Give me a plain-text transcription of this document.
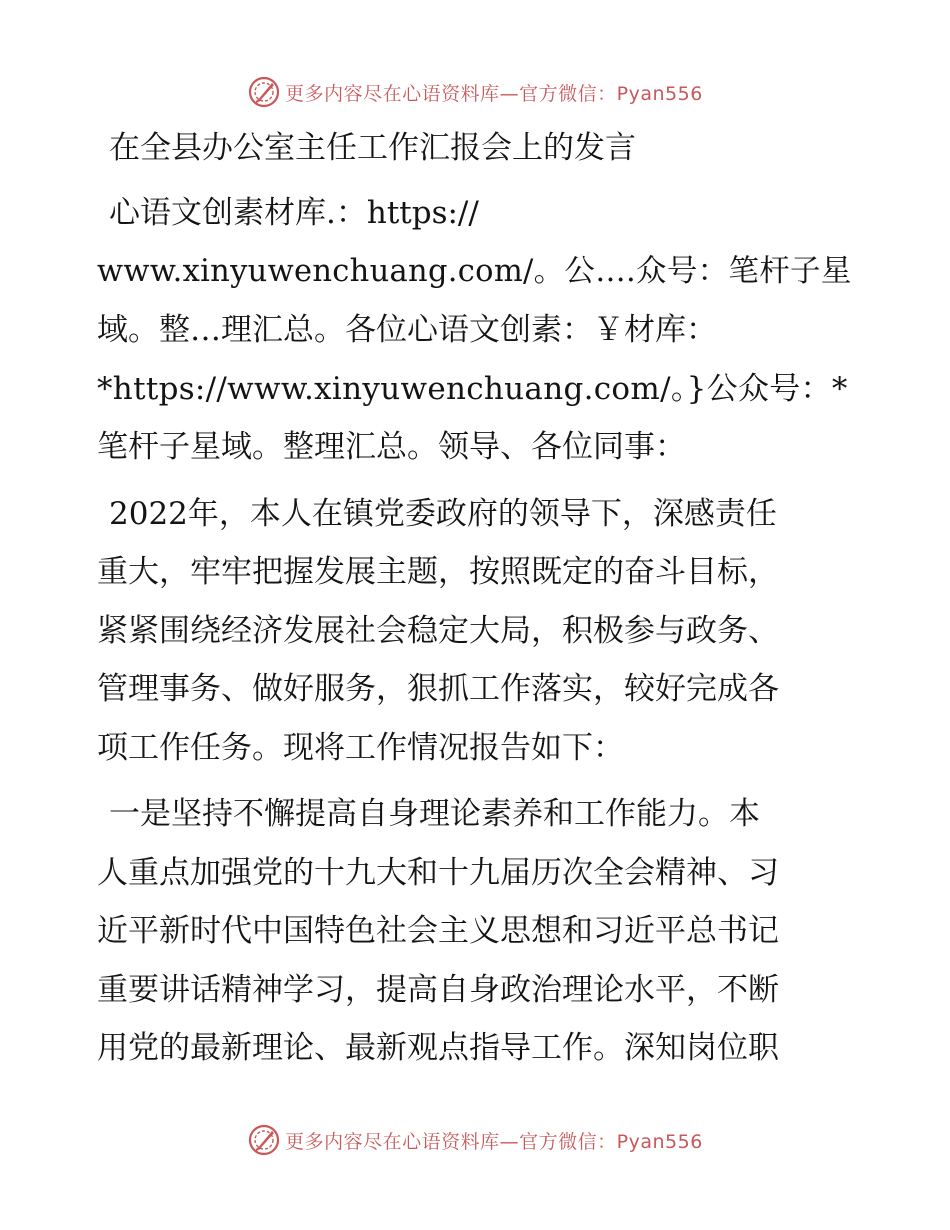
更多内容尽在心语资料库—官方微信：Pyan556
在全县办公室主任工作汇报会上的发言

心语文创素材库.：https://
www.xinyuwenchuang.com/。公….众号：笔杆子星
域。整…理汇总。各位心语文创素：￥材库：
*https://www.xinyuwenchuang.com/。}公众号：*
笔杆子星域。整理汇总。领导、各位同事：

2022年，本人在镇党委政府的领导下，深感责任
重大，牢牢把握发展主题，按照既定的奋斗目标，
紧紧围绕经济发展社会稳定大局，积极参与政务、
管理事务、做好服务，狠抓工作落实，较好完成各
项工作任务。现将工作情况报告如下：

一是坚持不懈提高自身理论素养和工作能力。本
人重点加强党的十九大和十九届历次全会精神、习
近平新时代中国特色社会主义思想和习近平总书记
重要讲话精神学习，提高自身政治理论水平，不断
用党的最新理论、最新观点指导工作。深知岗位职

更多内容尽在心语资料库—官方微信：Pyan556
